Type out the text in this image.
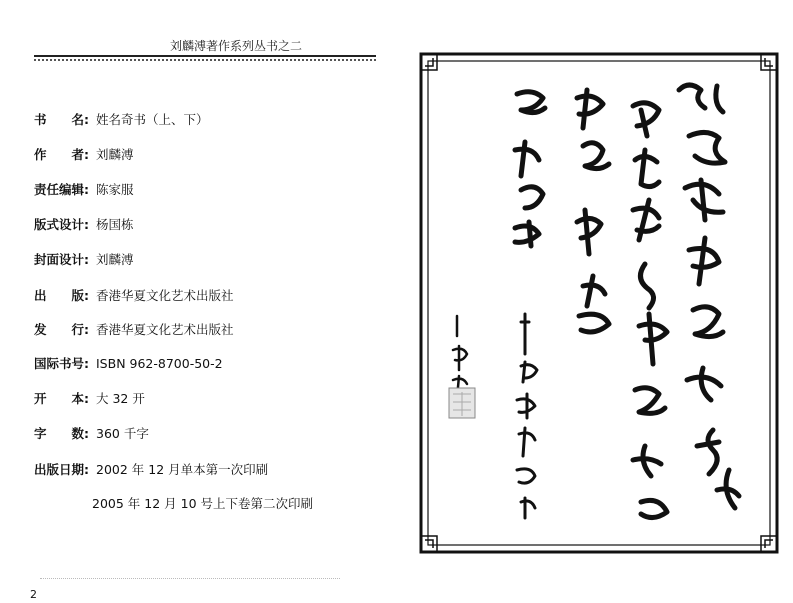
刘麟溥著作系列丛书之二
书　　名: 姓名奇书（上、下）
作　　者: 刘麟溥
责任编辑: 陈家服
版式设计: 杨国栋
封面设计: 刘麟溥
出　　版: 香港华夏文化艺术出版社
发　　行: 香港华夏文化艺术出版社
国际书号: ISBN 962-8700-50-2
开　　本: 大 32 开
字　　数: 360 千字
出版日期: 2002 年 12 月单本第一次印刷
2005 年 12 月 10 号上下卷第二次印刷
2
